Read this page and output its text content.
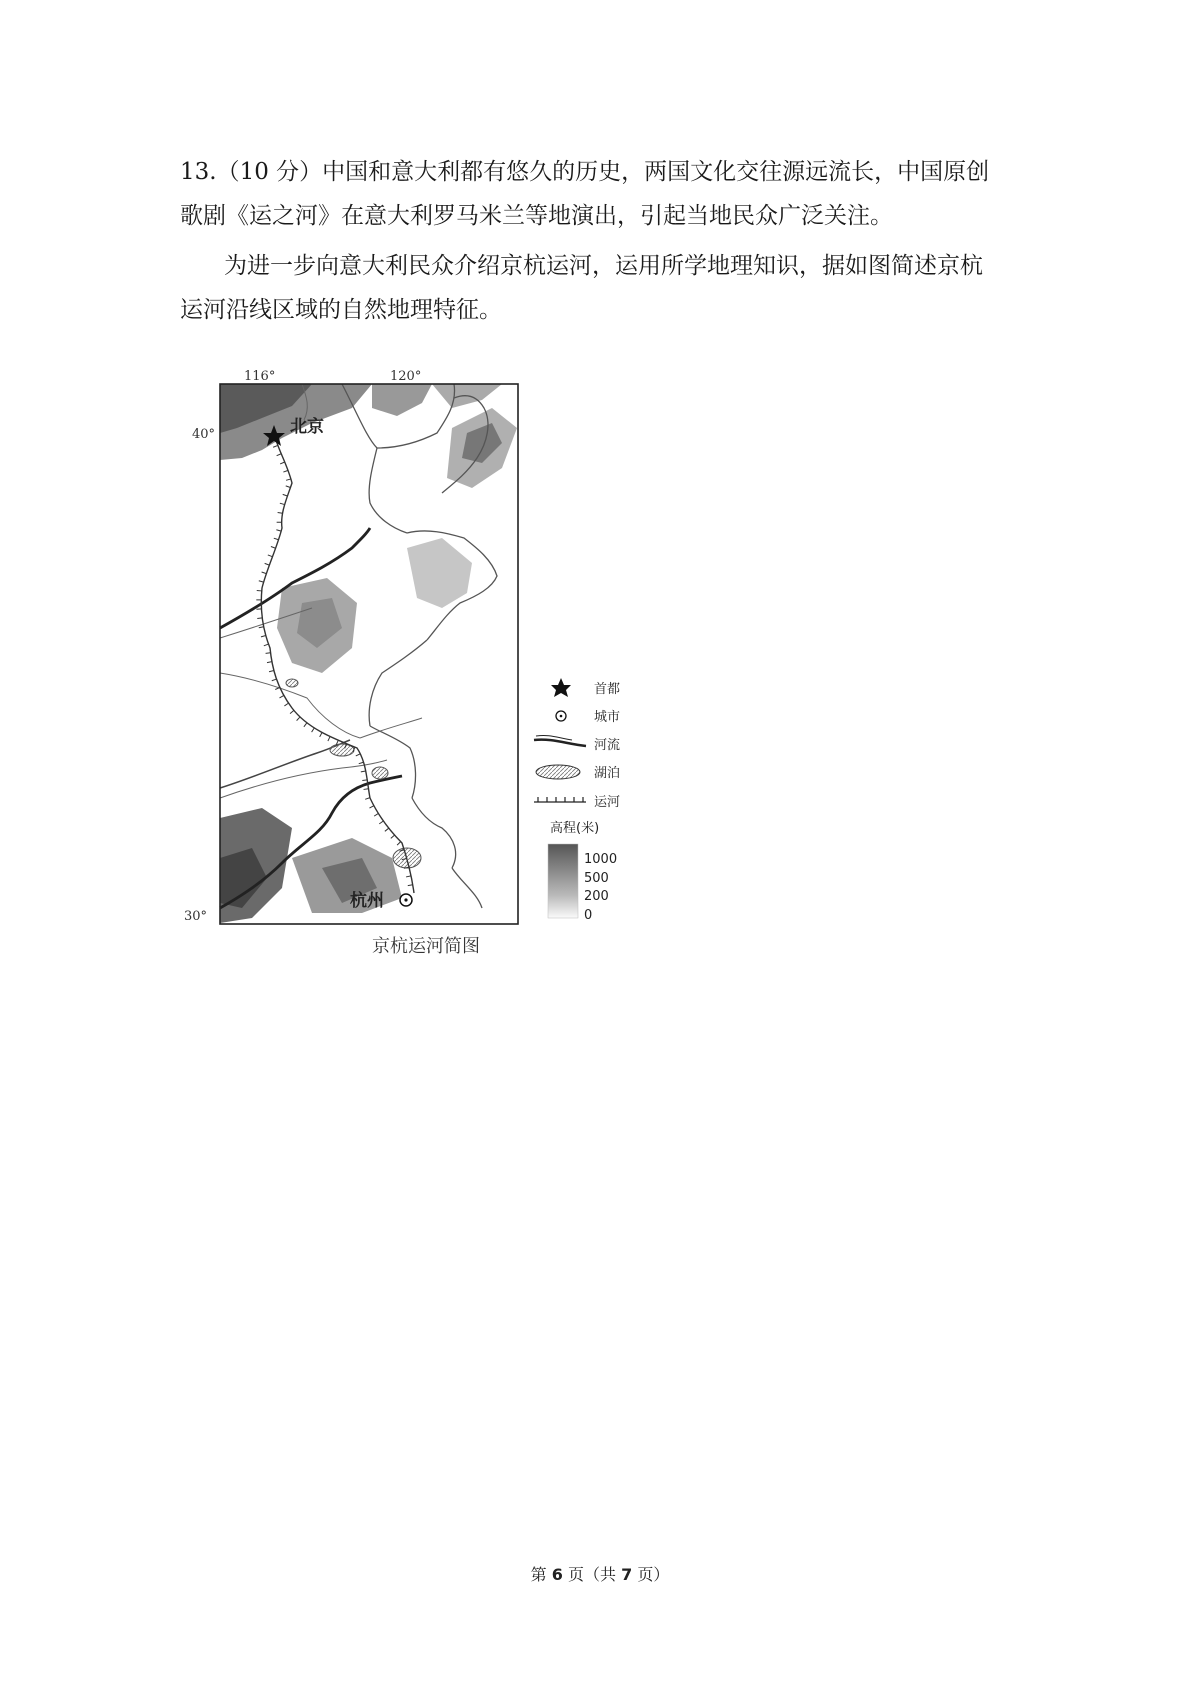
13.（10 分）中国和意大利都有悠久的历史，两国文化交往源远流长，中国原创

歌剧《运之河》在意大利罗马米兰等地演出，引起当地民众广泛关注。

为进一步向意大利民众介绍京杭运河，运用所学地理知识，据如图简述京杭

运河沿线区域的自然地理特征。

北京
杭州
116°	120°
40°
30°
首都
城市
河流
湖泊
运河
高程(米)
1000
500
200
0
京杭运河简图
第 6 页（共 7 页）
